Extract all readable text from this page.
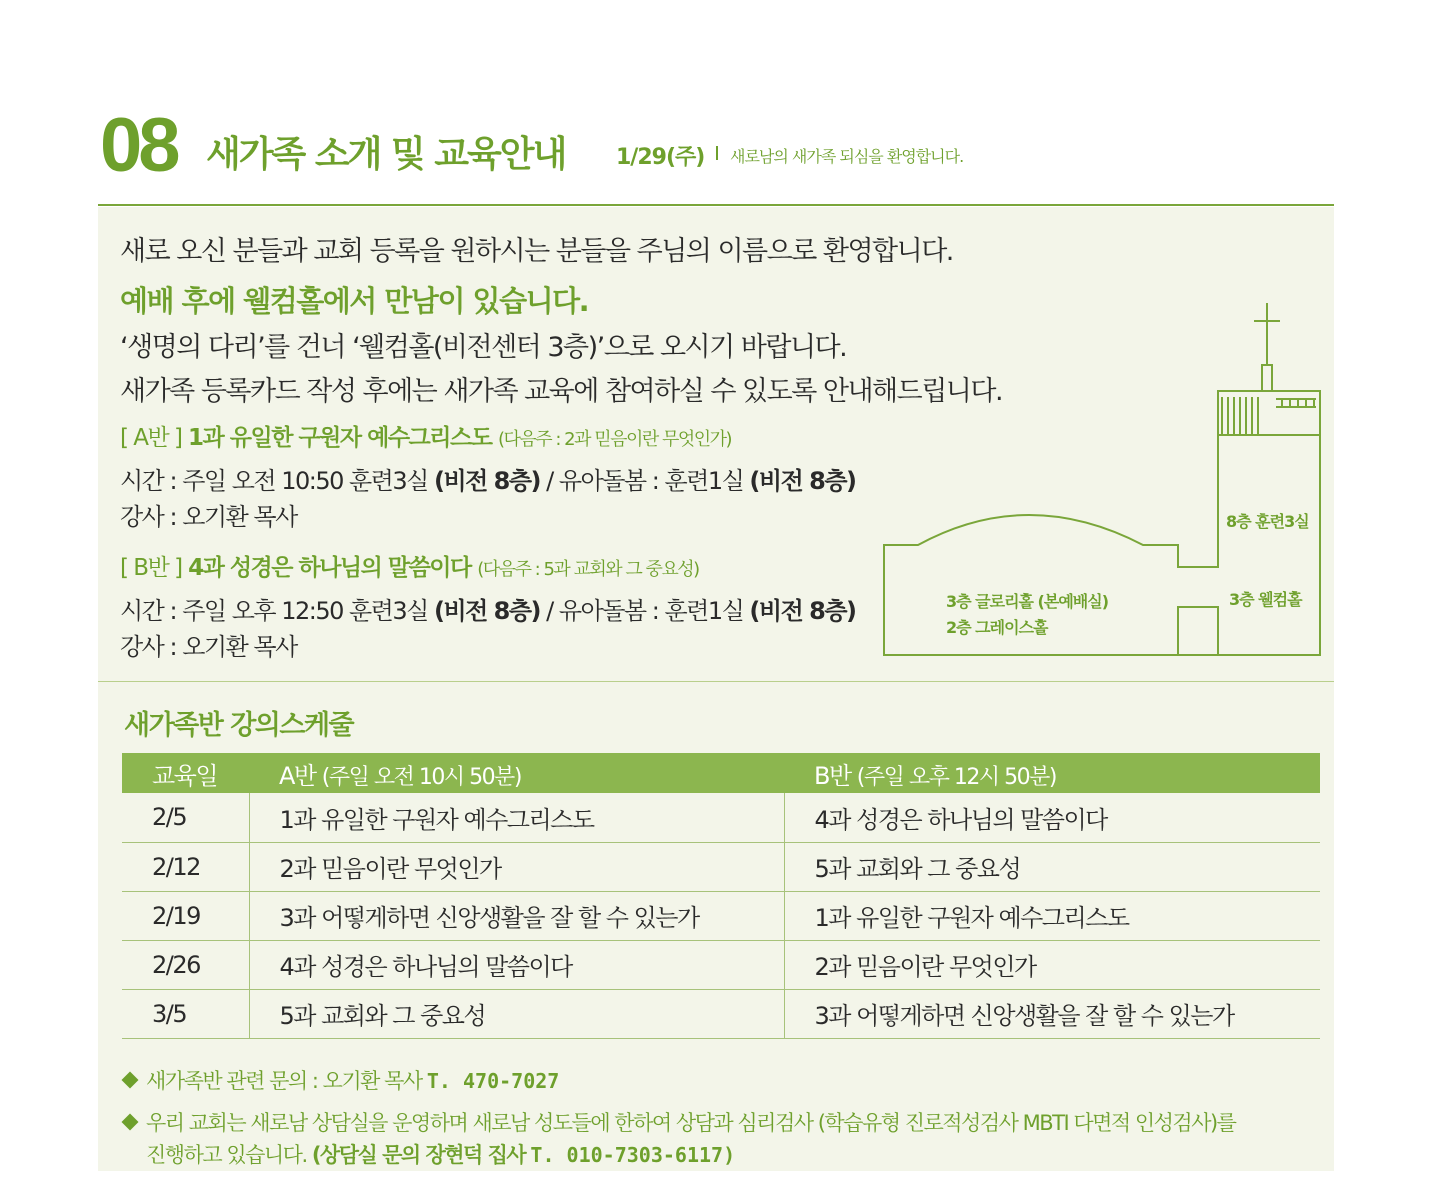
08 새가족 소개 및 교육안내 1/29(주) 새로남의 새가족 되심을 환영합니다.
새로 오신 분들과 교회 등록을 원하시는 분들을 주님의 이름으로 환영합니다.
예배 후에 웰컴홀에서 만남이 있습니다.
‘생명의 다리’를 건너 ‘웰컴홀(비전센터 3층)’으로 오시기 바랍니다.
새가족 등록카드 작성 후에는 새가족 교육에 참여하실 수 있도록 안내해드립니다.
[ A반 ] 1과 유일한 구원자 예수그리스도 (다음주 : 2과 믿음이란 무엇인가)
시간 : 주일 오전 10:50 훈련3실 (비전 8층) / 유아돌봄 : 훈련1실 (비전 8층)
강사 : 오기환 목사
[ B반 ] 4과 성경은 하나님의 말씀이다 (다음주 : 5과 교회와 그 중요성)
시간 : 주일 오후 12:50 훈련3실 (비전 8층) / 유아돌봄 : 훈련1실 (비전 8층)
강사 : 오기환 목사
8층 훈련3실
3층 웰컴홀
3층 글로리홀 (본예배실)
2층 그레이스홀
새가족반 강의스케줄
교육일	A반 (주일 오전 10시 50분)	B반 (주일 오후 12시 50분)
2/5	1과 유일한 구원자 예수그리스도	4과 성경은 하나님의 말씀이다
2/12	2과 믿음이란 무엇인가	5과 교회와 그 중요성
2/19	3과 어떻게하면 신앙생활을 잘 할 수 있는가	1과 유일한 구원자 예수그리스도
2/26	4과 성경은 하나님의 말씀이다	2과 믿음이란 무엇인가
3/5	5과 교회와 그 중요성	3과 어떻게하면 신앙생활을 잘 할 수 있는가
새가족반 관련 문의 : 오기환 목사 T. 470-7027
우리 교회는 새로남 상담실을 운영하며 새로남 성도들에 한하여 상담과 심리검사 (학습유형 진로적성검사 MBTI 다면적 인성검사)를
진행하고 있습니다. (상담실 문의 장현덕 집사 T. 010-7303-6117)
